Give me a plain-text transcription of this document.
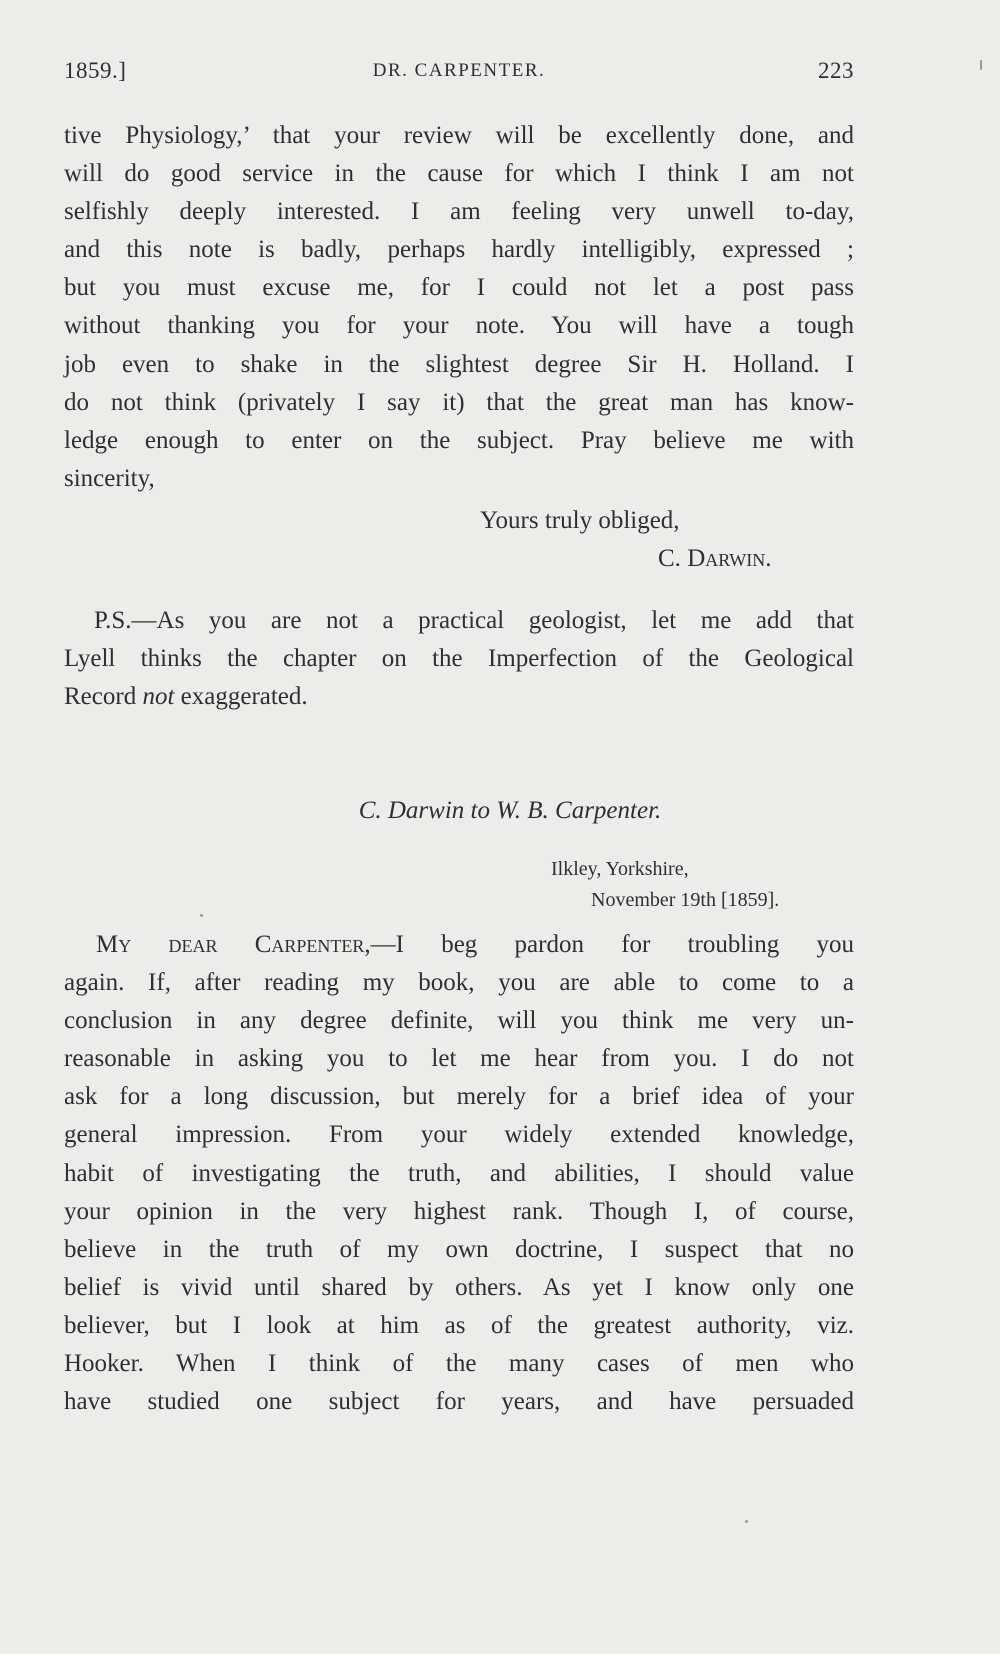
1859.]	DR. CARPENTER.	223
tive Physiology,’ that your review will be excellently done, and
will do good service in the cause for which I think I am not
selfishly deeply interested. I am feeling very unwell to-day,
and this note is badly, perhaps hardly intelligibly, expressed ;
but you must excuse me, for I could not let a post pass
without thanking you for your note. You will have a tough
job even to shake in the slightest degree Sir H. Holland. I
do not think (privately I say it) that the great man has know-
ledge enough to enter on the subject. Pray believe me with
sincerity,
Yours truly obliged,
C. Darwin.
P.S.—As you are not a practical geologist, let me add that
Lyell thinks the chapter on the Imperfection of the Geological
Record not exaggerated.
C. Darwin to W. B. Carpenter.
Ilkley, Yorkshire,
November 19th [1859].
My dear Carpenter,—I beg pardon for troubling you
again. If, after reading my book, you are able to come to a
conclusion in any degree definite, will you think me very un-
reasonable in asking you to let me hear from you. I do not
ask for a long discussion, but merely for a brief idea of your
general impression. From your widely extended knowledge,
habit of investigating the truth, and abilities, I should value
your opinion in the very highest rank. Though I, of course,
believe in the truth of my own doctrine, I suspect that no
belief is vivid until shared by others. As yet I know only one
believer, but I look at him as of the greatest authority, viz.
Hooker. When I think of the many cases of men who
have studied one subject for years, and have persuaded
